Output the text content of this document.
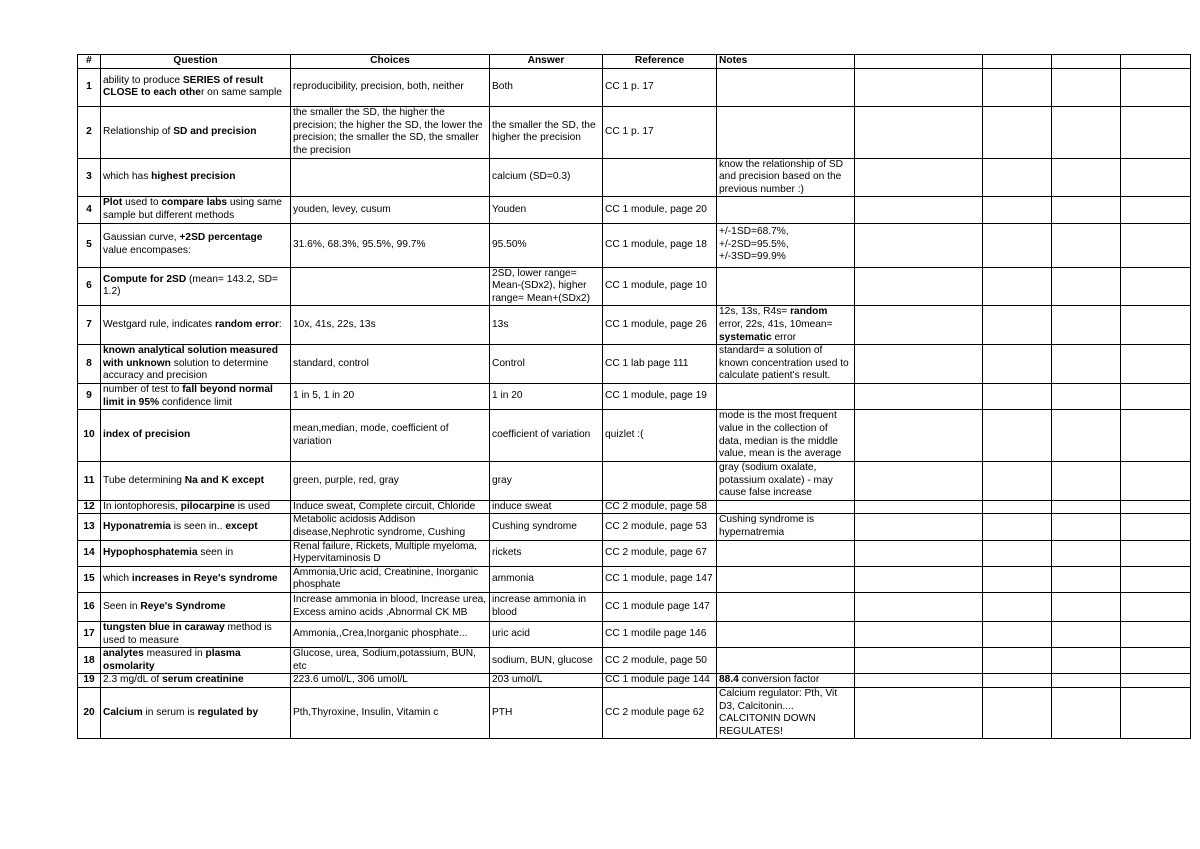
#	Question	Choices	Answer	Reference	Notes				
1	ability to produce SERIES of result CLOSE to each other on same sample	reproducibility, precision, both, neither	Both	CC 1 p. 17					
2	Relationship of SD and precision	the smaller the SD, the higher the precision; the higher the SD, the lower the precision; the smaller the SD, the smaller the precision	the smaller the SD, the higher the precision	CC 1 p. 17					
3	which has highest precision		calcium (SD=0.3)		know the relationship of SD and precision based on the previous number :)				
4	Plot used to compare labs using same sample but different methods	youden, levey, cusum	Youden	CC 1 module, page 20					
5	Gaussian curve, +2SD percentage value encompases:	31.6%, 68.3%, 95.5%, 99.7%	95.50%	CC 1 module, page 18	+/-1SD=68.7%, +/-2SD=95.5%, +/-3SD=99.9%				
6	Compute for 2SD (mean= 143.2, SD= 1.2)		2SD, lower range= Mean-(SDx2), higher range= Mean+(SDx2)	CC 1 module, page 10					
7	Westgard rule, indicates random error:	10x, 41s, 22s, 13s	13s	CC 1 module, page 26	12s, 13s, R4s= random error, 22s, 41s, 10mean= systematic error				
8	known analytical solution measured with unknown solution to determine accuracy and precision	standard, control	Control	CC 1 lab page 111	standard= a solution of known concentration used to calculate patient's result.				
9	number of test to fall beyond normal limit in 95% confidence limit	1 in 5, 1 in 20	1 in 20	CC 1 module, page 19					
10	index of precision	mean,median, mode, coefficient of variation	coefficient of variation	quizlet :(	mode is the most frequent value in the collection of data, median is the middle value, mean is the average				
11	Tube determining Na and K except	green, purple, red, gray	gray		gray (sodium oxalate, potassium oxalate) - may cause false increase				
12	In iontophoresis, pilocarpine is used	Induce sweat, Complete circuit, Chloride	induce sweat	CC 2 module, page 58					
13	Hyponatremia is seen in.. except	Metabolic acidosis Addison disease,Nephrotic syndrome, Cushing	Cushing syndrome	CC 2 module, page 53	Cushing syndrome is hypernatremia				
14	Hypophosphatemia seen in	Renal failure, Rickets, Multiple myeloma, Hypervitaminosis D	rickets	CC 2 module, page 67					
15	which increases in Reye's syndrome	Ammonia,Uric acid, Creatinine, Inorganic phosphate	ammonia	CC 1 module, page 147					
16	Seen in Reye's Syndrome	Increase ammonia in blood, Increase urea, Excess amino acids ,Abnormal CK MB	increase ammonia in blood	CC 1 module page 147					
17	tungsten blue in caraway method is used to measure	Ammonia,,Crea,Inorganic phosphate...	uric acid	CC 1 modile page 146					
18	analytes measured in plasma osmolarity	Glucose, urea, Sodium,potassium, BUN, etc	sodium, BUN, glucose	CC 2 module, page 50					
19	2.3 mg/dL of serum creatinine	223.6 umol/L, 306 umol/L	203 umol/L	CC 1 module page 144	88.4 conversion factor				
20	Calcium in serum is regulated by	Pth,Thyroxine, Insulin, Vitamin c	PTH	CC 2 module page 62	Calcium regulator: Pth, Vit D3, Calcitonin.... CALCITONIN DOWN REGULATES!				
